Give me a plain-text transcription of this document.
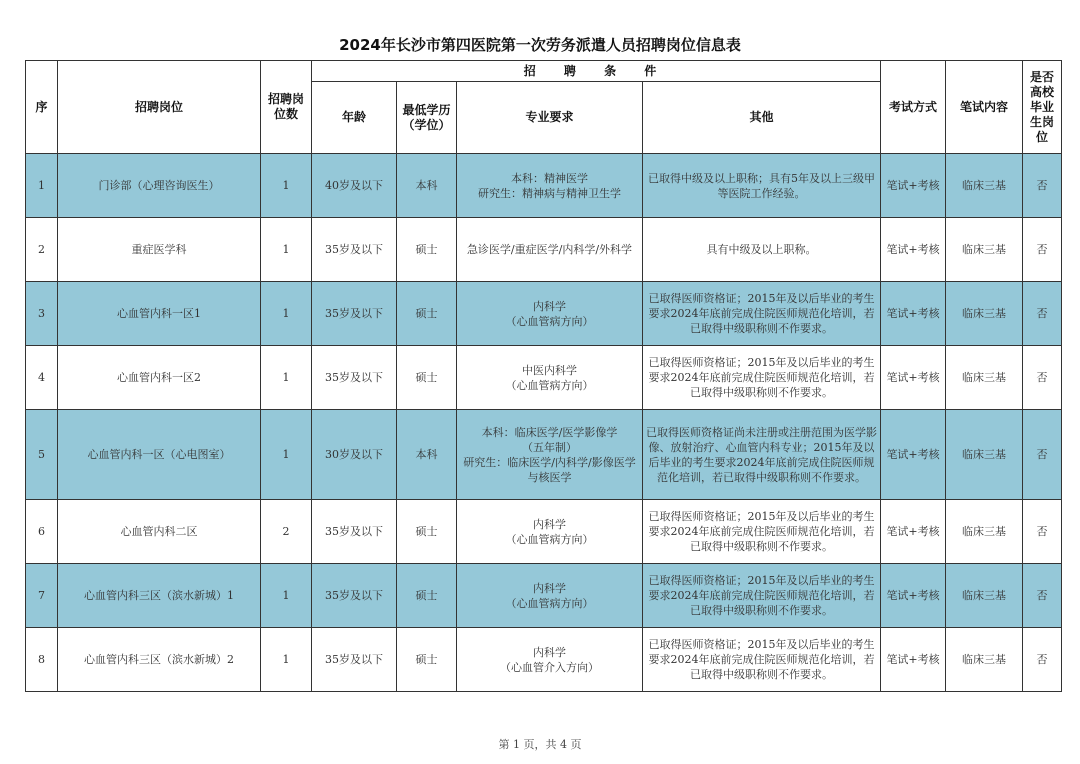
2024年长沙市第四医院第一次劳务派遣人员招聘岗位信息表
序	招聘岗位	招聘岗位数	招 聘 条 件				考试方式	笔试内容	是否高校毕业生岗位
			年龄	最低学历（学位）	专业要求	其他			
1	门诊部（心理咨询医生）	1	40岁及以下	本科	本科：精神医学
研究生：精神病与精神卫生学	已取得中级及以上职称；具有5年及以上三级甲等医院工作经验。	笔试+考核	临床三基	否
2	重症医学科	1	35岁及以下	硕士	急诊医学/重症医学/内科学/外科学	具有中级及以上职称。	笔试+考核	临床三基	否
3	心血管内科一区1	1	35岁及以下	硕士	内科学
（心血管病方向）	已取得医师资格证；2015年及以后毕业的考生要求2024年底前完成住院医师规范化培训，若已取得中级职称则不作要求。	笔试+考核	临床三基	否
4	心血管内科一区2	1	35岁及以下	硕士	中医内科学
（心血管病方向）	已取得医师资格证；2015年及以后毕业的考生要求2024年底前完成住院医师规范化培训，若已取得中级职称则不作要求。	笔试+考核	临床三基	否
5	心血管内科一区（心电图室）	1	30岁及以下	本科	本科：临床医学/医学影像学
（五年制）
研究生：临床医学/内科学/影像医学与核医学	已取得医师资格证尚未注册或注册范围为医学影像、放射治疗、心血管内科专业；2015年及以后毕业的考生要求2024年底前完成住院医师规范化培训，若已取得中级职称则不作要求。	笔试+考核	临床三基	否
6	心血管内科二区	2	35岁及以下	硕士	内科学
（心血管病方向）	已取得医师资格证；2015年及以后毕业的考生要求2024年底前完成住院医师规范化培训，若已取得中级职称则不作要求。	笔试+考核	临床三基	否
7	心血管内科三区（滨水新城）1	1	35岁及以下	硕士	内科学
（心血管病方向）	已取得医师资格证；2015年及以后毕业的考生要求2024年底前完成住院医师规范化培训，若已取得中级职称则不作要求。	笔试+考核	临床三基	否
8	心血管内科三区（滨水新城）2	1	35岁及以下	硕士	内科学
（心血管介入方向）	已取得医师资格证；2015年及以后毕业的考生要求2024年底前完成住院医师规范化培训，若已取得中级职称则不作要求。	笔试+考核	临床三基	否
第 1 页，共 4 页
